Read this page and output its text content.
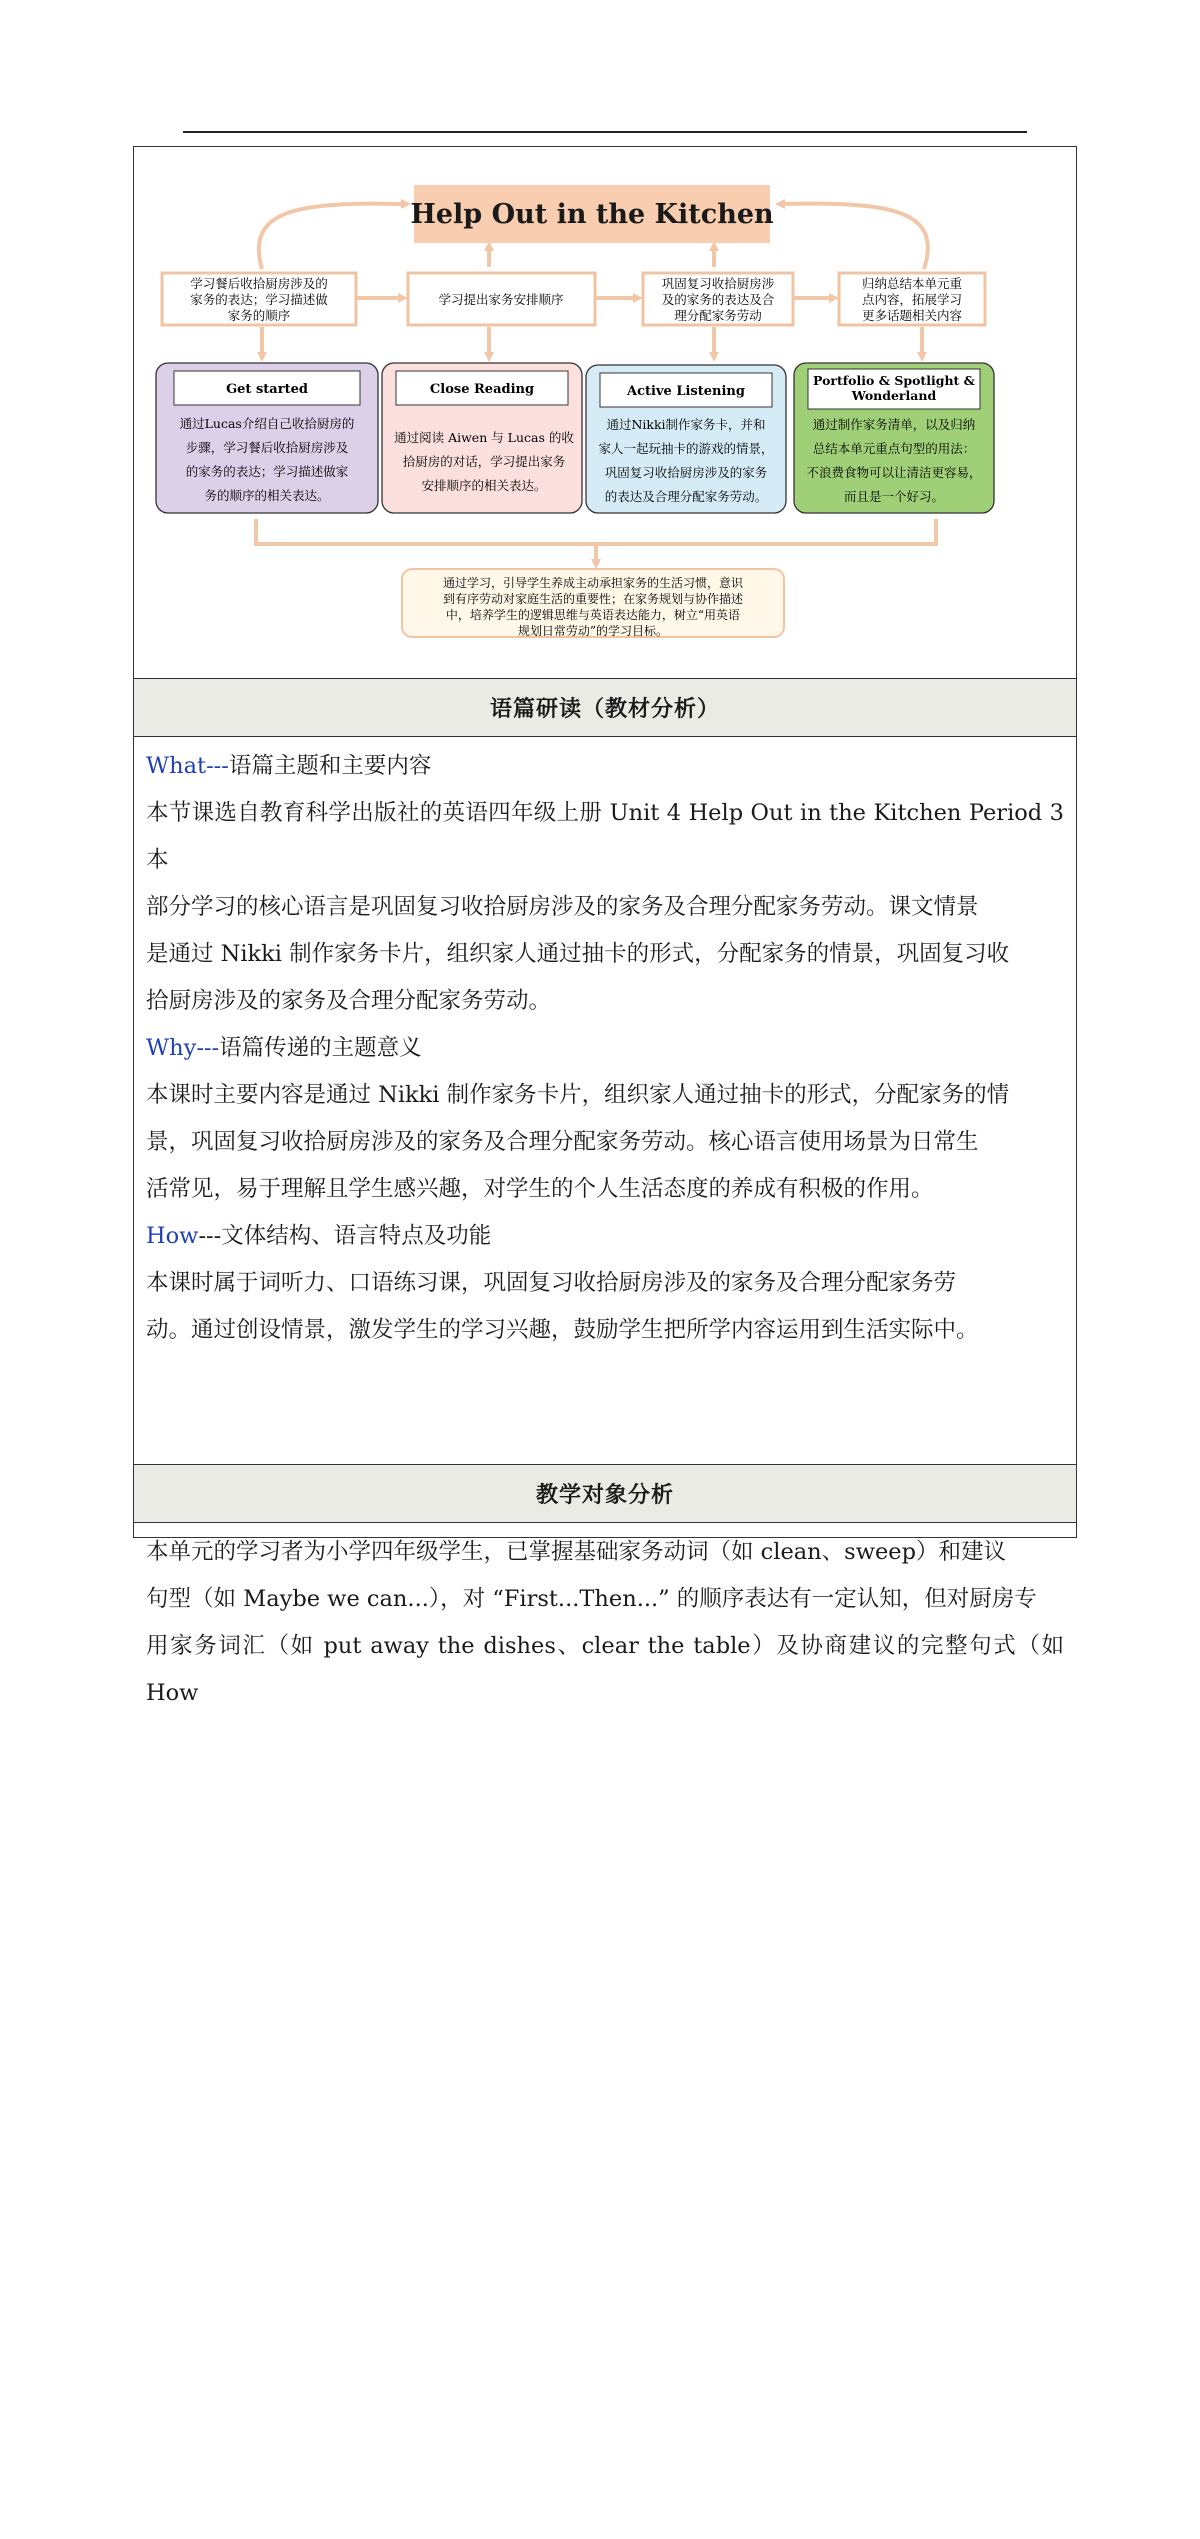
Help Out in the Kitchen
学习餐后收拾厨房涉及的
家务的表达；学习描述做
家务的顺序
学习提出家务安排顺序
巩固复习收拾厨房涉
及的家务的表达及合
理分配家务劳动
归纳总结本单元重
点内容，拓展学习
更多话题相关内容
Get started
通过Lucas介绍自己收拾厨房的
步骤，学习餐后收拾厨房涉及
的家务的表达；学习描述做家
务的顺序的相关表达。
Close Reading
通过阅读 Aiwen 与 Lucas 的收
拾厨房的对话，学习提出家务
安排顺序的相关表达。
Active Listening
通过Nikki制作家务卡，并和
家人一起玩抽卡的游戏的情景，
巩固复习收拾厨房涉及的家务
的表达及合理分配家务劳动。
Portfolio & Spotlight &
Wonderland
通过制作家务清单，以及归纳
总结本单元重点句型的用法：
不浪费食物可以让清洁更容易，
而且是一个好习。
通过学习，引导学生养成主动承担家务的生活习惯，意识
到有序劳动对家庭生活的重要性；在家务规划与协作描述
中，培养学生的逻辑思维与英语表达能力，树立“用英语
规划日常劳动”的学习目标。
语篇研读（教材分析）

What---语篇主题和主要内容

本节课选自教育科学出版社的英语四年级上册 Unit 4 Help Out in the Kitchen Period 3 本

部分学习的核心语言是巩固复习收拾厨房涉及的家务及合理分配家务劳动。课文情景

是通过 Nikki 制作家务卡片，组织家人通过抽卡的形式，分配家务的情景，巩固复习收

拾厨房涉及的家务及合理分配家务劳动。

Why---语篇传递的主题意义

本课时主要内容是通过 Nikki 制作家务卡片，组织家人通过抽卡的形式，分配家务的情

景，巩固复习收拾厨房涉及的家务及合理分配家务劳动。核心语言使用场景为日常生

活常见，易于理解且学生感兴趣，对学生的个人生活态度的养成有积极的作用。

How---文体结构、语言特点及功能

本课时属于词听力、口语练习课，巩固复习收拾厨房涉及的家务及合理分配家务劳

动。通过创设情景，激发学生的学习兴趣，鼓励学生把所学内容运用到生活实际中。

教学对象分析

本单元的学习者为小学四年级学生，已掌握基础家务动词（如 clean、sweep）和建议

句型（如 Maybe we can...），对 “First...Then...” 的顺序表达有一定认知，但对厨房专

用家务词汇（如 put away the dishes、clear the table）及协商建议的完整句式（如 How
